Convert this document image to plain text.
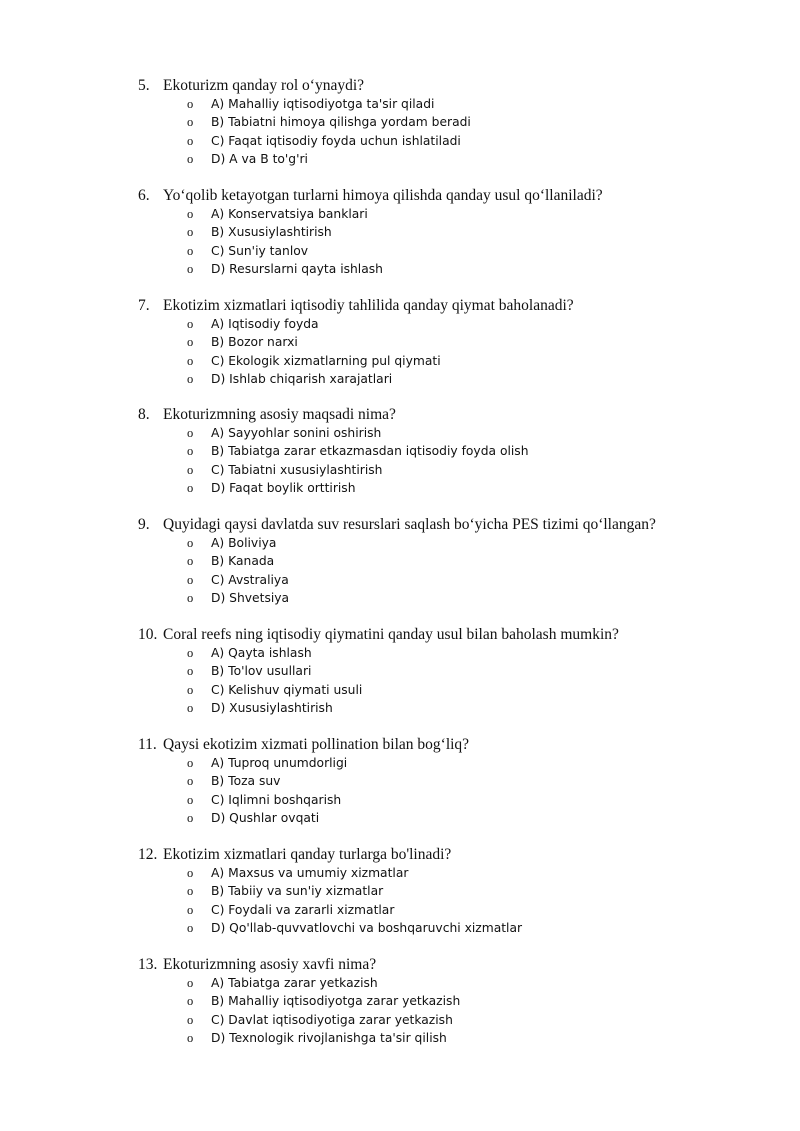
5. Ekoturizm qanday rol o‘ynaydi?
o A) Mahalliy iqtisodiyotga ta'sir qiladi
o B) Tabiatni himoya qilishga yordam beradi
o C) Faqat iqtisodiy foyda uchun ishlatiladi
o D) A va B to'g'ri
6. Yo‘qolib ketayotgan turlarni himoya qilishda qanday usul qo‘llaniladi?
o A) Konservatsiya banklari
o B) Xususiylashtirish
o C) Sun'iy tanlov
o D) Resurslarni qayta ishlash
7. Ekotizim xizmatlari iqtisodiy tahlilida qanday qiymat baholanadi?
o A) Iqtisodiy foyda
o B) Bozor narxi
o C) Ekologik xizmatlarning pul qiymati
o D) Ishlab chiqarish xarajatlari
8. Ekoturizmning asosiy maqsadi nima?
o A) Sayyohlar sonini oshirish
o B) Tabiatga zarar etkazmasdan iqtisodiy foyda olish
o C) Tabiatni xususiylashtirish
o D) Faqat boylik orttirish
9. Quyidagi qaysi davlatda suv resurslari saqlash bo‘yicha PES tizimi qo‘llangan?
o A) Boliviya
o B) Kanada
o C) Avstraliya
o D) Shvetsiya
10. Coral reefs ning iqtisodiy qiymatini qanday usul bilan baholash mumkin?
o A) Qayta ishlash
o B) To'lov usullari
o C) Kelishuv qiymati usuli
o D) Xususiylashtirish
11. Qaysi ekotizim xizmati pollination bilan bog‘liq?
o A) Tuproq unumdorligi
o B) Toza suv
o C) Iqlimni boshqarish
o D) Qushlar ovqati
12. Ekotizim xizmatlari qanday turlarga bo'linadi?
o A) Maxsus va umumiy xizmatlar
o B) Tabiiy va sun'iy xizmatlar
o C) Foydali va zararli xizmatlar
o D) Qo'llab-quvvatlovchi va boshqaruvchi xizmatlar
13. Ekoturizmning asosiy xavfi nima?
o A) Tabiatga zarar yetkazish
o B) Mahalliy iqtisodiyotga zarar yetkazish
o C) Davlat iqtisodiyotiga zarar yetkazish
o D) Texnologik rivojlanishga ta'sir qilish
